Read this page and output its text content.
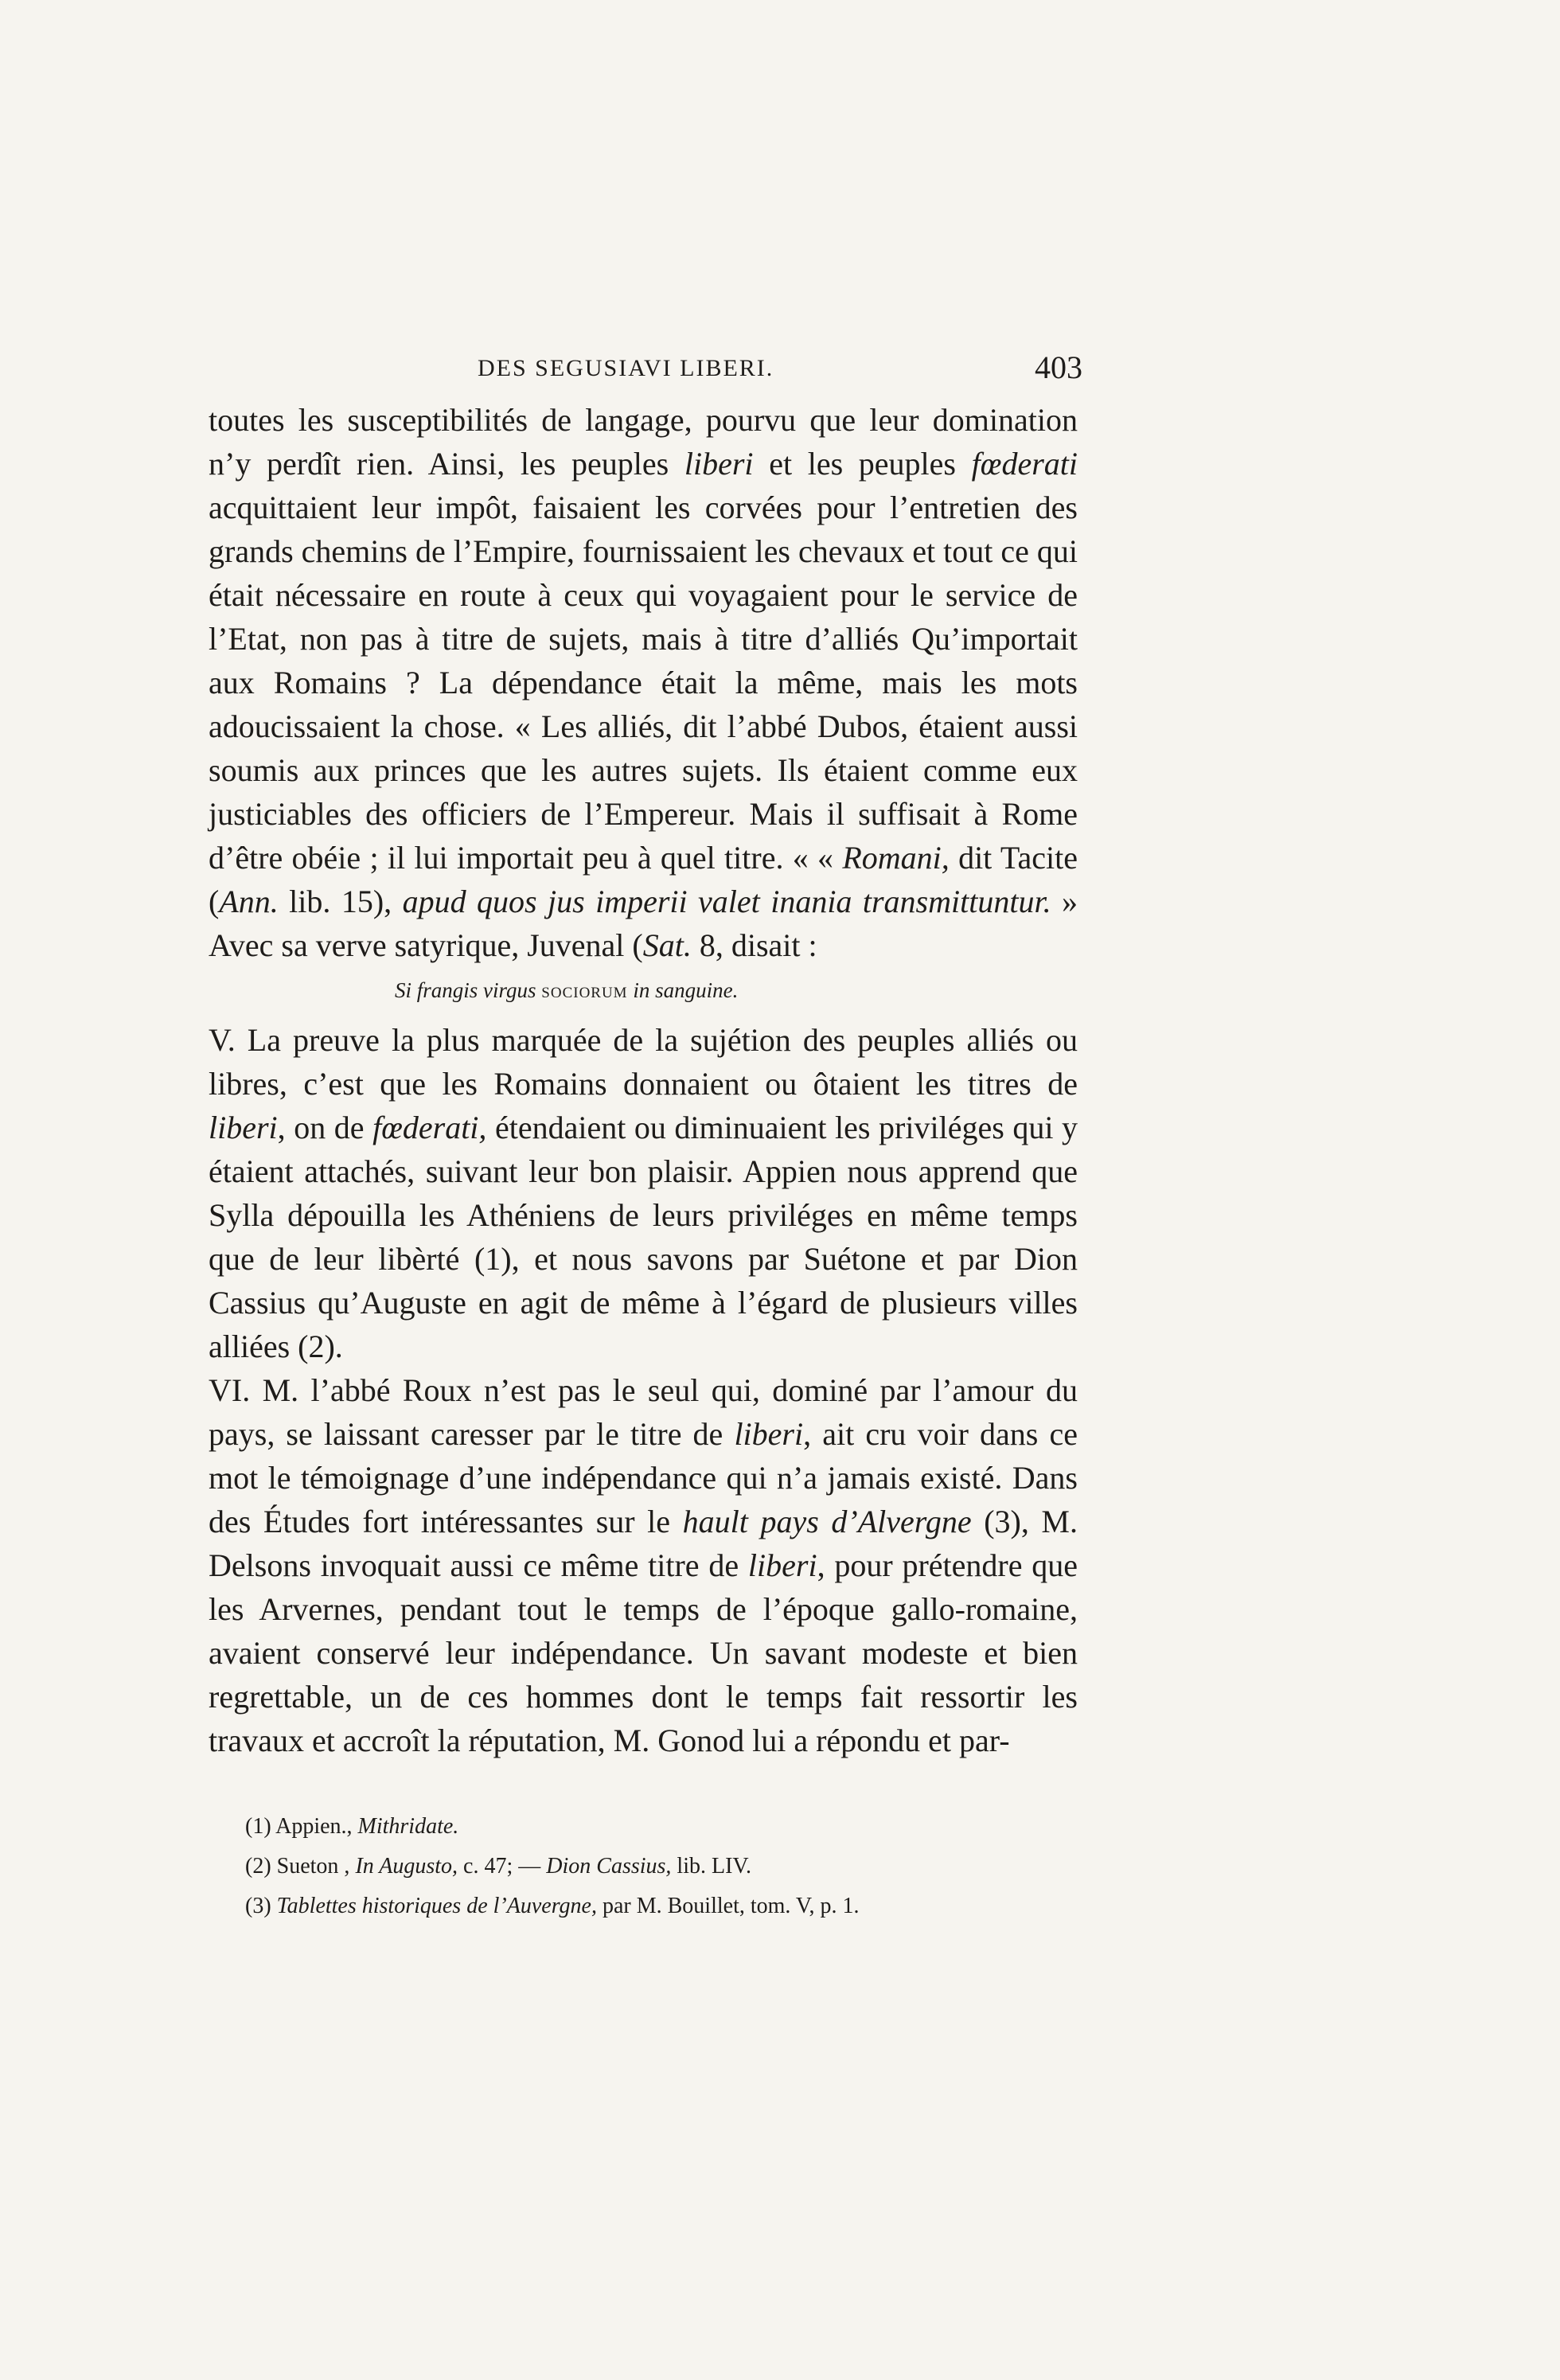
DES SEGUSIAVI LIBERI.	403

toutes les susceptibilités de langage, pourvu que leur domination n’y perdît rien. Ainsi, les peuples liberi et les peuples fœderati acquittaient leur impôt, faisaient les corvées pour l’entretien des grands chemins de l’Empire, fournissaient les chevaux et tout ce qui était nécessaire en route à ceux qui voyagaient pour le service de l’Etat, non pas à titre de sujets, mais à titre d’alliés Qu’importait aux Romains ? La dépendance était la même, mais les mots adoucissaient la chose. « Les alliés, dit l’abbé Dubos, étaient aussi soumis aux princes que les autres sujets. Ils étaient comme eux justiciables des officiers de l’Empereur. Mais il suffisait à Rome d’être obéie ; il lui importait peu à quel titre. « « Romani, dit Tacite (Ann. lib. 15), apud quos jus imperii valet inania transmittuntur. » Avec sa verve satyrique, Juvenal (Sat. 8, disait :

Si frangis virgus sociorum in sanguine.

V. La preuve la plus marquée de la sujétion des peuples alliés ou libres, c’est que les Romains donnaient ou ôtaient les titres de liberi, on de fœderati, étendaient ou diminuaient les priviléges qui y étaient attachés, suivant leur bon plaisir. Appien nous apprend que Sylla dépouilla les Athéniens de leurs priviléges en même temps que de leur libèrté (1), et nous savons par Suétone et par Dion Cassius qu’Auguste en agit de même à l’égard de plusieurs villes alliées (2).

VI. M. l’abbé Roux n’est pas le seul qui, dominé par l’amour du pays, se laissant caresser par le titre de liberi, ait cru voir dans ce mot le témoignage d’une indépendance qui n’a jamais existé. Dans des Études fort intéressantes sur le hault pays d’Alvergne (3), M. Delsons invoquait aussi ce même titre de liberi, pour prétendre que les Arvernes, pendant tout le temps de l’époque gallo-romaine, avaient conservé leur indépendance. Un savant modeste et bien regrettable, un de ces hommes dont le temps fait ressortir les travaux et accroît la réputation, M. Gonod lui a répondu et par-

(1) Appien., Mithridate.
(2) Sueton , In Augusto, c. 47; — Dion Cassius, lib. LIV.
(3) Tablettes historiques de l’Auvergne, par M. Bouillet, tom. V, p. 1.
